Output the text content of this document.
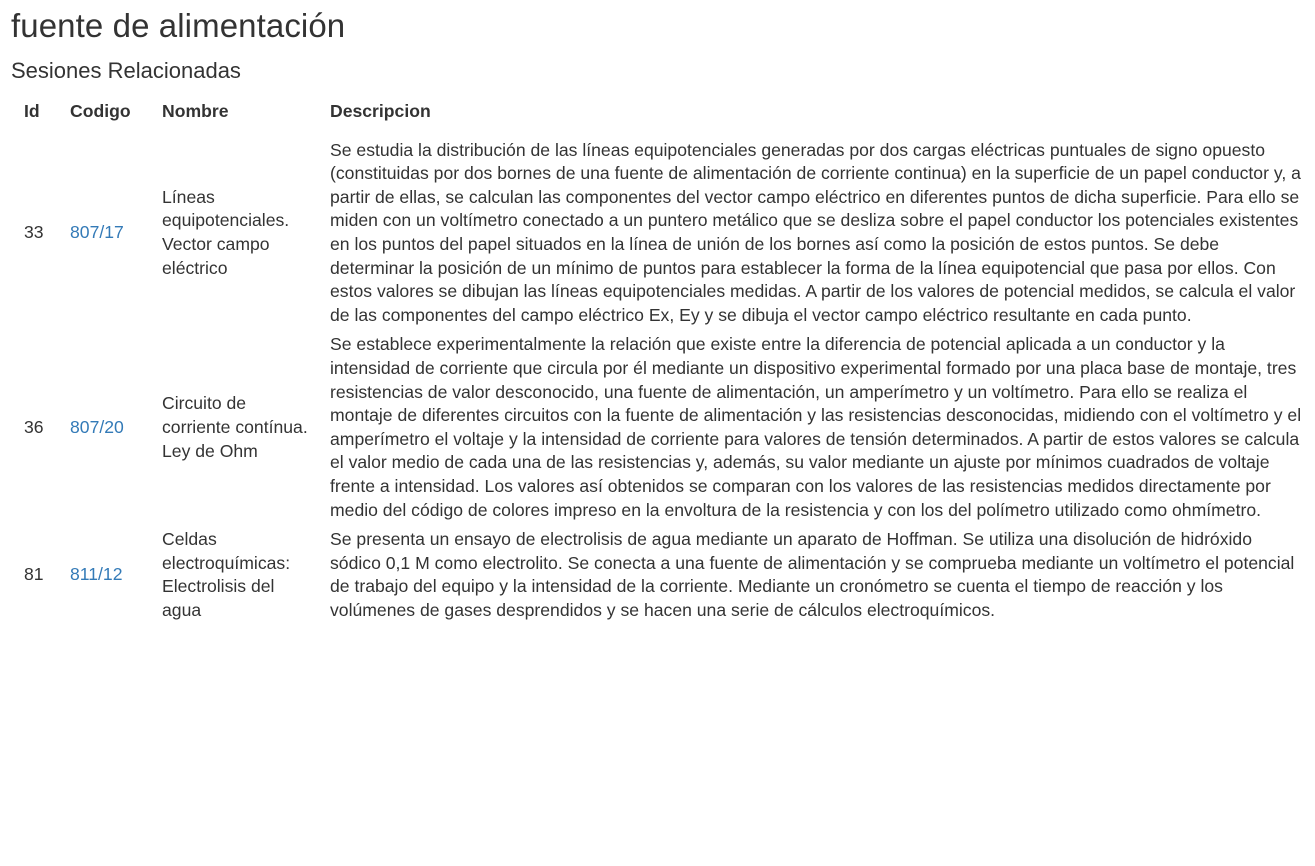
fuente de alimentación
Sesiones Relacionadas
Id	Codigo	Nombre	Descripcion
33	807/17	Líneas equipotenciales. Vector campo eléctrico	Se estudia la distribución de las líneas equipotenciales generadas por dos cargas eléctricas puntuales de signo opuesto (constituidas por dos bornes de una fuente de alimentación de corriente continua) en la superficie de un papel conductor y, a partir de ellas, se calculan las componentes del vector campo eléctrico en diferentes puntos de dicha superficie. Para ello se miden con un voltímetro conectado a un puntero metálico que se desliza sobre el papel conductor los potenciales existentes en los puntos del papel situados en la línea de unión de los bornes así como la posición de estos puntos. Se debe determinar la posición de un mínimo de puntos para establecer la forma de la línea equipotencial que pasa por ellos. Con estos valores se dibujan las líneas equipotenciales medidas. A partir de los valores de potencial medidos, se calcula el valor de las componentes del campo eléctrico Ex, Ey y se dibuja el vector campo eléctrico resultante en cada punto.
36	807/20	Circuito de corriente contínua. Ley de Ohm	Se establece experimentalmente la relación que existe entre la diferencia de potencial aplicada a un conductor y la intensidad de corriente que circula por él mediante un dispositivo experimental formado por una placa base de montaje, tres resistencias de valor desconocido, una fuente de alimentación, un amperímetro y un voltímetro. Para ello se realiza el montaje de diferentes circuitos con la fuente de alimentación y las resistencias desconocidas, midiendo con el voltímetro y el amperímetro el voltaje y la intensidad de corriente para valores de tensión determinados. A partir de estos valores se calcula el valor medio de cada una de las resistencias y, además, su valor mediante un ajuste por mínimos cuadrados de voltaje frente a intensidad. Los valores así obtenidos se comparan con los valores de las resistencias medidos directamente por medio del código de colores impreso en la envoltura de la resistencia y con los del polímetro utilizado como ohmímetro.
81	811/12	Celdas electroquímicas: Electrolisis del agua	Se presenta un ensayo de electrolisis de agua mediante un aparato de Hoffman. Se utiliza una disolución de hidróxido sódico 0,1 M como electrolito. Se conecta a una fuente de alimentación y se comprueba mediante un voltímetro el potencial de trabajo del equipo y la intensidad de la corriente. Mediante un cronómetro se cuenta el tiempo de reacción y los volúmenes de gases desprendidos y se hacen una serie de cálculos electroquímicos.
